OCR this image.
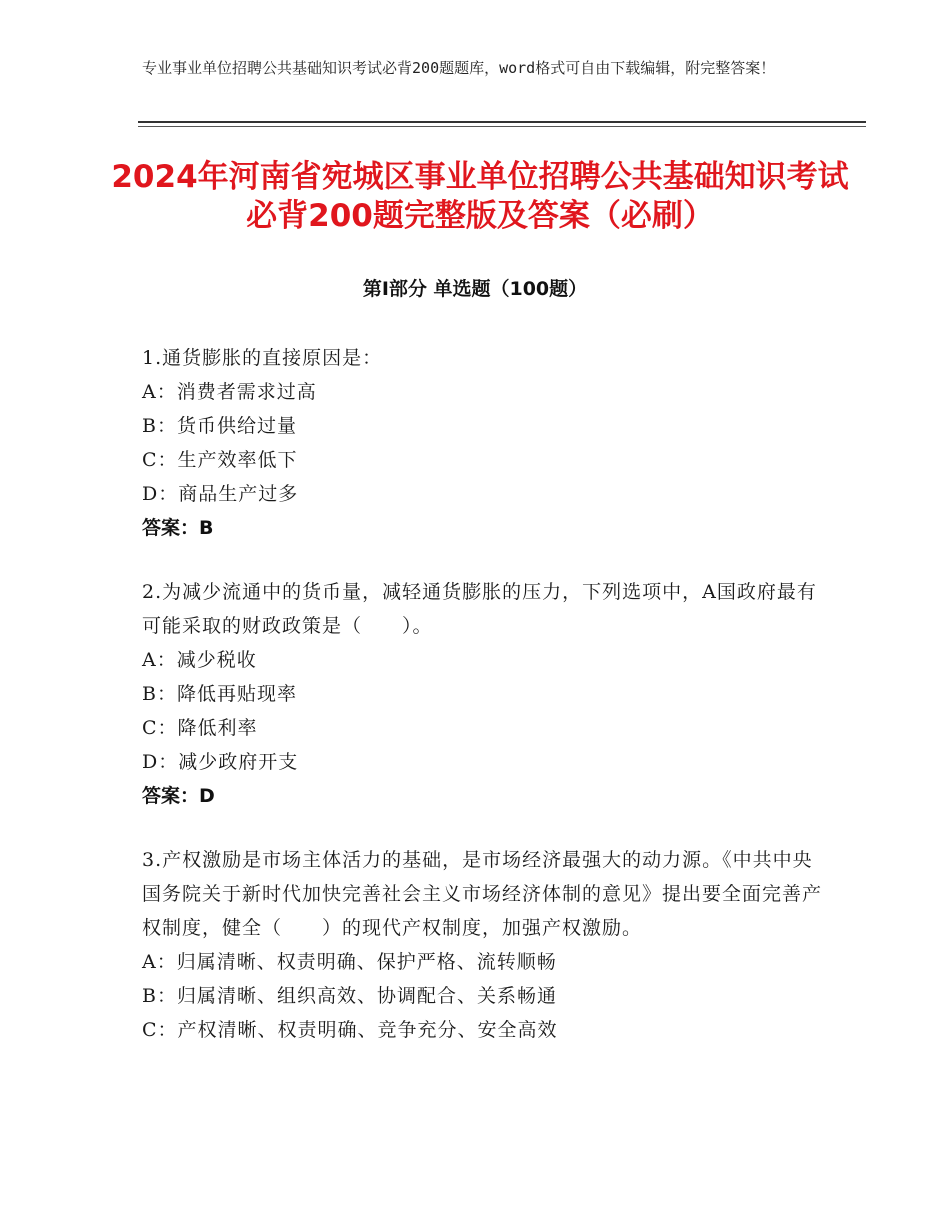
专业事业单位招聘公共基础知识考试必背200题题库，word格式可自由下载编辑，附完整答案！

2024年河南省宛城区事业单位招聘公共基础知识考试必背200题完整版及答案（必刷）
第Ⅰ部分 单选题（100题）

1.通货膨胀的直接原因是：

A：消费者需求过高

B：货币供给过量

C：生产效率低下

D：商品生产过多

答案：B

2.为减少流通中的货币量，减轻通货膨胀的压力，下列选项中，A国政府最有可能采取的财政政策是（　　）。

A：减少税收

B：降低再贴现率

C：降低利率

D：减少政府开支

答案：D

3.产权激励是市场主体活力的基础，是市场经济最强大的动力源。《中共中央国务院关于新时代加快完善社会主义市场经济体制的意见》提出要全面完善产权制度，健全（　　）的现代产权制度，加强产权激励。

A：归属清晰、权责明确、保护严格、流转顺畅

B：归属清晰、组织高效、协调配合、关系畅通

C：产权清晰、权责明确、竞争充分、安全高效
